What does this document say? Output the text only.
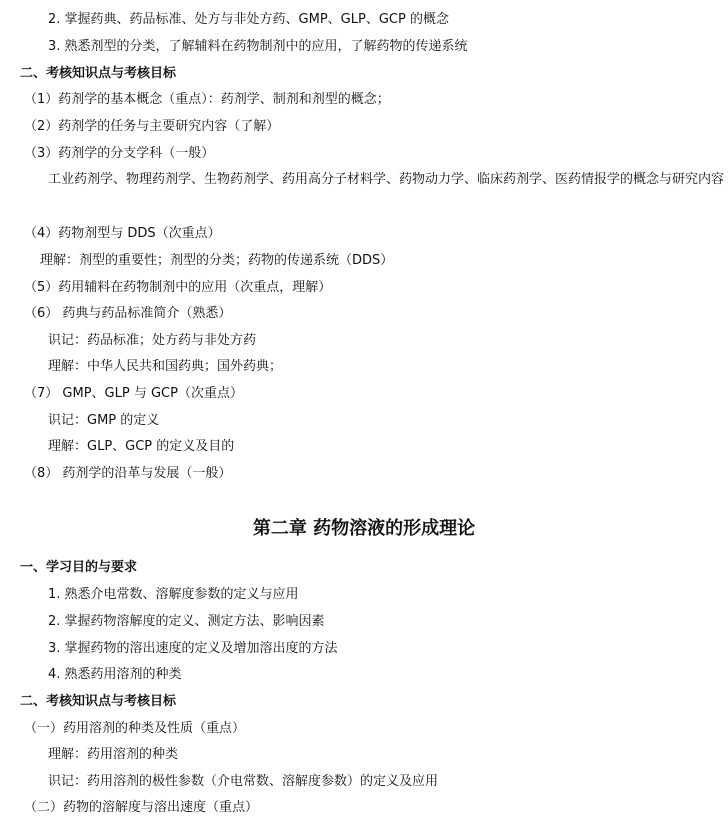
2. 掌握药典、药品标准、处方与非处方药、GMP、GLP、GCP 的概念
3. 熟悉剂型的分类，了解辅料在药物制剂中的应用，了解药物的传递系统
二、考核知识点与考核目标
（1）药剂学的基本概念（重点）：药剂学、制剂和剂型的概念；
（2）药剂学的任务与主要研究内容（了解）
（3）药剂学的分支学科（一般）
工业药剂学、物理药剂学、生物药剂学、药用高分子材料学、药物动力学、临床药剂学、医药情报学的概念与研究内容
（4）药物剂型与 DDS（次重点）
理解：剂型的重要性；剂型的分类；药物的传递系统（DDS）
（5）药用辅料在药物制剂中的应用（次重点，理解）
（6） 药典与药品标准简介（熟悉）
识记：药品标准；处方药与非处方药
理解：中华人民共和国药典；国外药典；
（7） GMP、GLP 与 GCP（次重点）
识记：GMP 的定义
理解：GLP、GCP 的定义及目的
（8） 药剂学的沿革与发展（一般）
第二章 药物溶液的形成理论
一、学习目的与要求
1. 熟悉介电常数、溶解度参数的定义与应用
2. 掌握药物溶解度的定义、测定方法、影响因素
3. 掌握药物的溶出速度的定义及增加溶出度的方法
4. 熟悉药用溶剂的种类
二、考核知识点与考核目标
（一）药用溶剂的种类及性质（重点）
理解：药用溶剂的种类
识记：药用溶剂的极性参数（介电常数、溶解度参数）的定义及应用
（二）药物的溶解度与溶出速度（重点）
